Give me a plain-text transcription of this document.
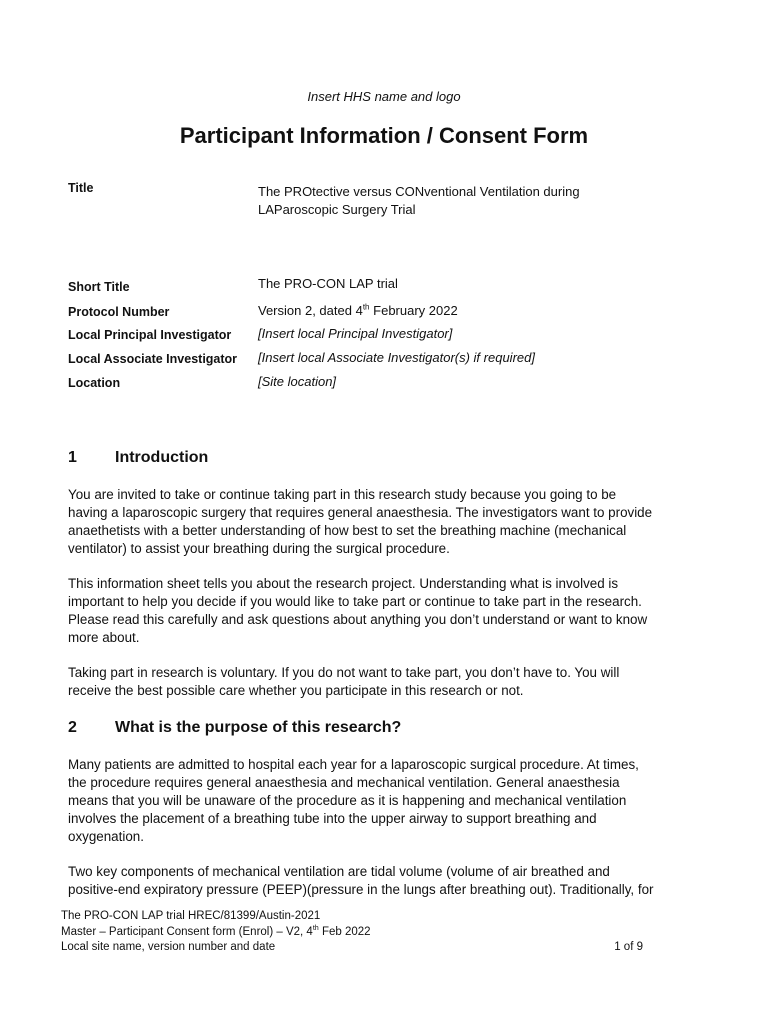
Insert HHS name and logo
Participant Information / Consent Form
Title	The PROtective versus CONventional Ventilation during
LAParoscopic Surgery Trial
Short Title	The PRO-CON LAP trial
Protocol Number	Version 2, dated 4th February 2022
Local Principal Investigator [Insert local Principal Investigator]
Local Associate Investigator [Insert local Associate Investigator(s) if required]
Location	[Site location]
1 Introduction

You are invited to take or continue taking part in this research study because you going to be
having a laparoscopic surgery that requires general anaesthesia. The investigators want to provide
anaethetists with a better understanding of how best to set the breathing machine (mechanical
ventilator) to assist your breathing during the surgical procedure.

This information sheet tells you about the research project. Understanding what is involved is
important to help you decide if you would like to take part or continue to take part in the research.
Please read this carefully and ask questions about anything you don’t understand or want to know
more about.

Taking part in research is voluntary. If you do not want to take part, you don’t have to. You will
receive the best possible care whether you participate in this research or not.

2 What is the purpose of this research?

Many patients are admitted to hospital each year for a laparoscopic surgical procedure. At times,
the procedure requires general anaesthesia and mechanical ventilation. General anaesthesia
means that you will be unaware of the procedure as it is happening and mechanical ventilation
involves the placement of a breathing tube into the upper airway to support breathing and
oxygenation.

Two key components of mechanical ventilation are tidal volume (volume of air breathed and
positive-end expiratory pressure (PEEP)(pressure in the lungs after breathing out). Traditionally, for

The PRO-CON LAP trial HREC/81399/Austin-2021
Master – Participant Consent form (Enrol) – V2, 4th Feb 2022
Local site name, version number and date	1 of 9
